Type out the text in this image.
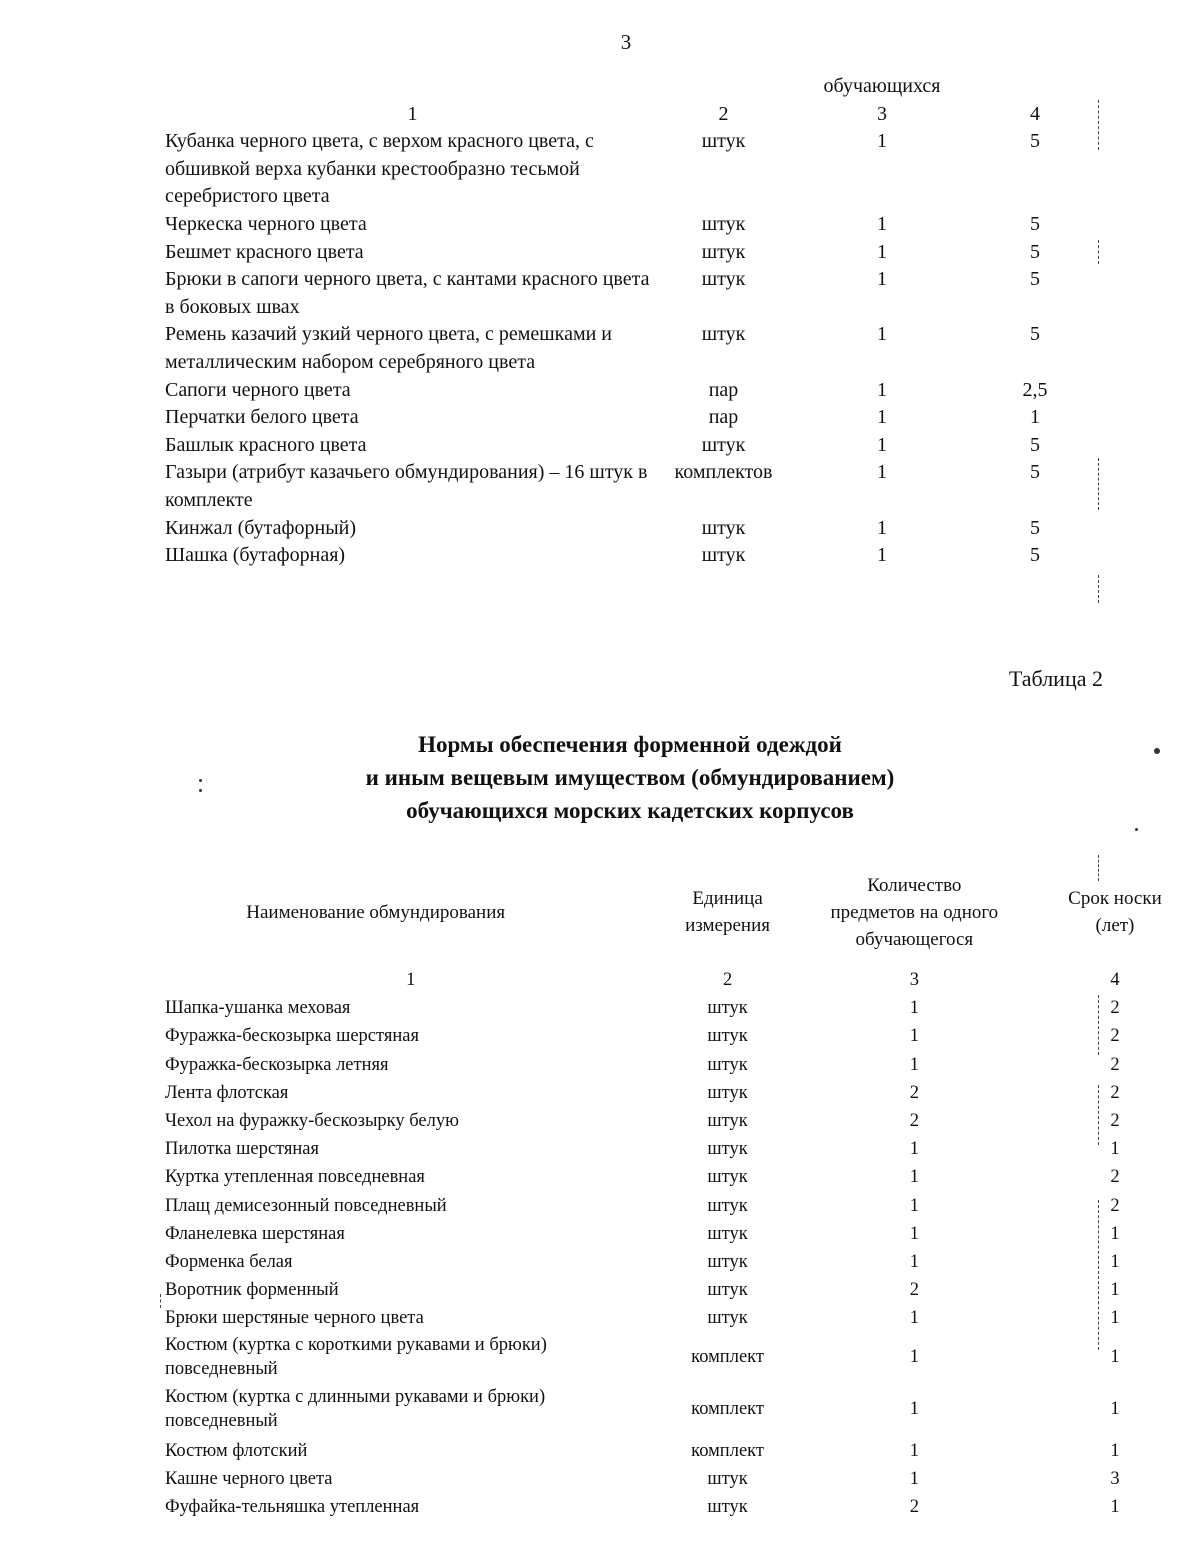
3
		обучающихся	
1	2	3	4
Кубанка черного цвета, с верхом красного цвета, с обшивкой верха кубанки крестообразно тесьмой серебристого цвета	штук	1	5
Черкеска черного цвета	штук	1	5
Бешмет красного цвета	штук	1	5
Брюки в сапоги черного цвета, с кантами красного цвета в боковых швах	штук	1	5
Ремень казачий узкий черного цвета, с ремешками и металлическим набором серебряного цвета	штук	1	5
Сапоги черного цвета	пар	1	2,5
Перчатки белого цвета	пар	1	1
Башлык красного цвета	штук	1	5
Газыри (атрибут казачьего обмундирования) – 16 штук в комплекте	комплектов	1	5
Кинжал (бутафорный)	штук	1	5
Шашка (бутафорная)	штук	1	5
Таблица 2
Нормы обеспечения форменной одеждой
и иным вещевым имуществом (обмундированием)
обучающихся морских кадетских корпусов
Наименование обмундирования	Единица измерения	Количество предметов на одного обучающегося	Срок носки (лет)
1	2	3	4
Шапка-ушанка меховая	штук	1	2
Фуражка-бескозырка шерстяная	штук	1	2
Фуражка-бескозырка летняя	штук	1	2
Лента флотская	штук	2	2
Чехол на фуражку-бескозырку белую	штук	2	2
Пилотка шерстяная	штук	1	1
Куртка утепленная повседневная	штук	1	2
Плащ демисезонный повседневный	штук	1	2
Фланелевка шерстяная	штук	1	1
Форменка белая	штук	1	1
Воротник форменный	штук	2	1
Брюки шерстяные черного цвета	штук	1	1
Костюм (куртка с короткими рукавами и брюки) повседневный	комплект	1	1
Костюм (куртка с длинными рукавами и брюки) повседневный	комплект	1	1
Костюм флотский	комплект	1	1
Кашне черного цвета	штук	1	3
Фуфайка-тельняшка утепленная	штук	2	1
